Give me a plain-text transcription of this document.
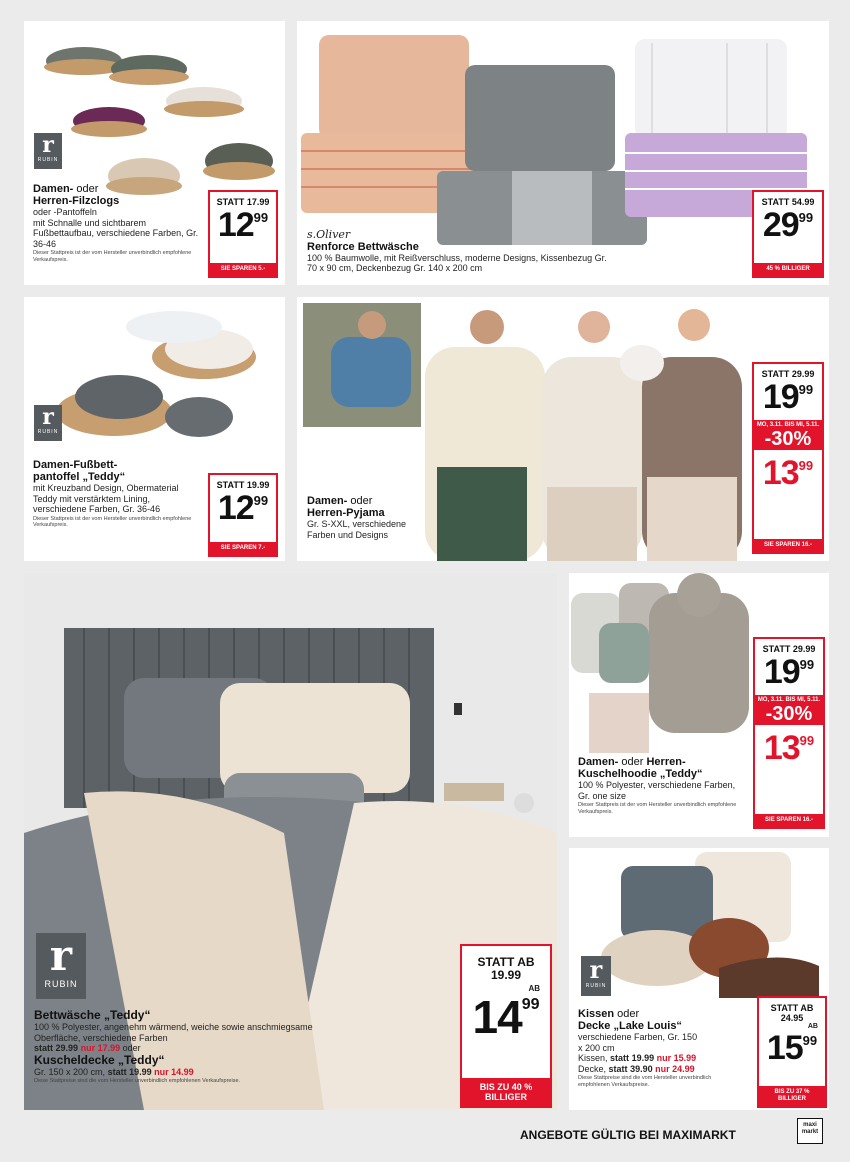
r
RUBIN
Damen- oder
Herren-Filzclogs
oder -Pantoffeln
mit Schnalle und sichtbarem Fußbettaufbau, verschiedene Farben, Gr. 36-46
Dieser Stattpreis ist der vom Hersteller unverbindlich empfohlene Verkaufspreis.
STATT 17.99
12 99
SIE SPAREN 5.-
s.Oliver
Renforce Bettwäsche
100 % Baumwolle, mit Reißverschluss, moderne Designs, Kissenbezug Gr. 70 x 90 cm, Deckenbezug Gr. 140 x 200 cm
STATT 54.99
29 99
45 % BILLIGER
r
RUBIN
Damen-Fußbett-pantoffel „Teddy“
mit Kreuzband Design, Obermaterial Teddy mit verstärktem Lining, verschiedene Farben, Gr. 36-46
Dieser Stattpreis ist der vom Hersteller unverbindlich empfohlene Verkaufspreis.
STATT 19.99
12 99
SIE SPAREN 7.-
Damen- oder
Herren-Pyjama
Gr. S-XXL, verschiedene Farben und Designs
STATT 29.99
19 99
MO, 3.11. BIS MI, 5.11.
-30%
13 99
SIE SPAREN 16.-
r
RUBIN
Bettwäsche „Teddy“
100 % Polyester, angenehm wärmend, weiche sowie anschmiegsame Oberfläche, verschiedene Farben
statt 29.99 nur 17.99 oder
Kuscheldecke „Teddy“
Gr. 150 x 200 cm, statt 19.99 nur 14.99
Diese Stattpreise sind die vom Hersteller unverbindlich empfohlenen Verkaufspreise.
STATT AB 19.99
AB
14 99
BIS ZU 40 % BILLIGER
Damen- oder Herren-
Kuschelhoodie „Teddy“
100 % Polyester, verschiedene Farben, Gr. one size
Dieser Stattpreis ist der vom Hersteller unverbindlich empfohlene Verkaufspreis.
STATT 29.99
19 99
MO, 3.11. BIS MI, 5.11.
-30%
13 99
SIE SPAREN 16.-
r
RUBIN
Kissen oder
Decke „Lake Louis“
verschiedene Farben, Gr. 150 x 200 cm
Kissen, statt 19.99 nur 15.99
Decke, statt 39.90 nur 24.99
Diese Stattpreise sind die vom Hersteller unverbindlich empfohlenen Verkaufspreise.
STATT AB 24.95
AB
15 99
BIS ZU 37 % BILLIGER
ANGEBOTE GÜLTIG BEI MAXIMARKT
maxi
markt
